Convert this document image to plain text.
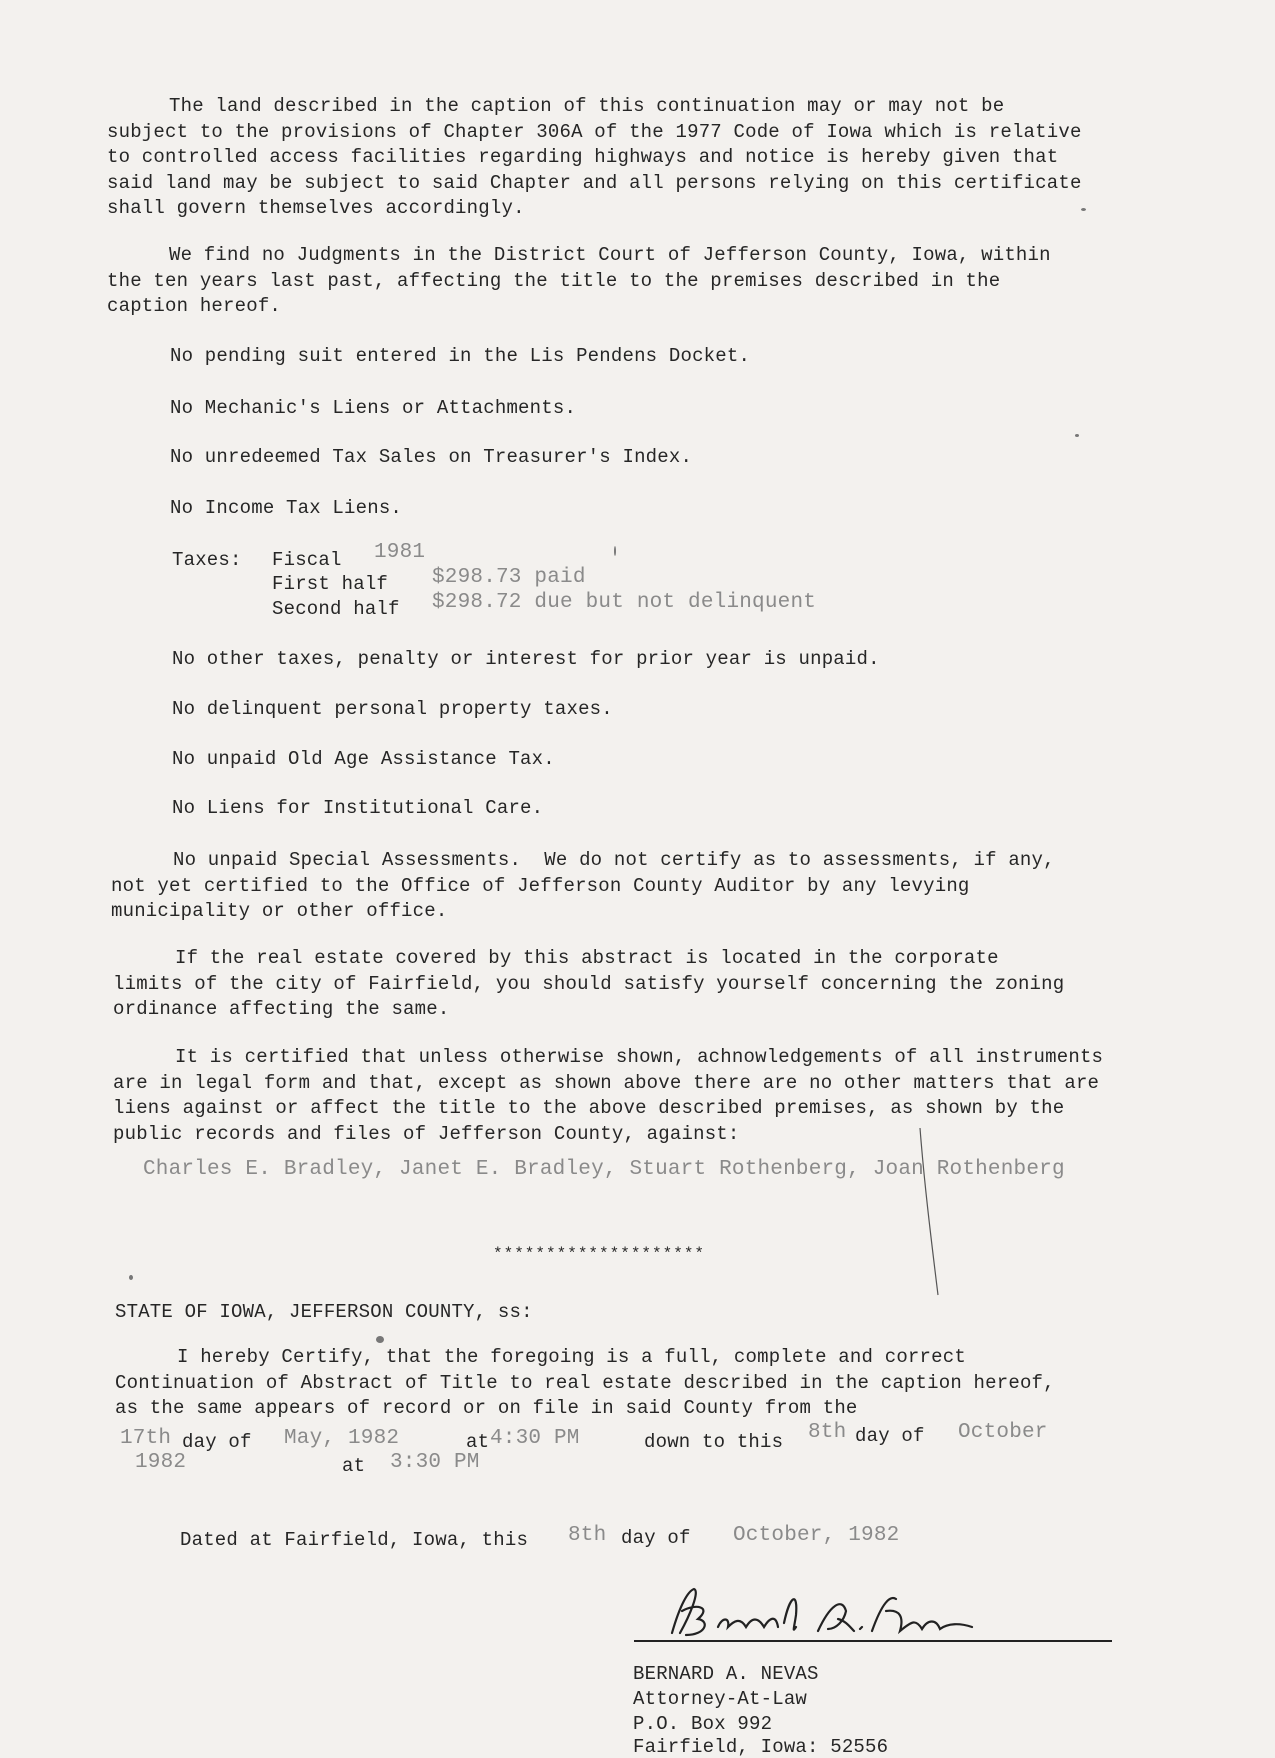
The land described in the caption of this continuation may or may not be subject to the provisions of Chapter 306A of the 1977 Code of Iowa which is relative to controlled access facilities regarding highways and notice is hereby given that said land may be subject to said Chapter and all persons relying on this certificate shall govern themselves accordingly.

We find no Judgments in the District Court of Jefferson County, Iowa, within the ten years last past, affecting the title to the premises described in the caption hereof.

No pending suit entered in the Lis Pendens Docket.
No Mechanic's Liens or Attachments.
No unredeemed Tax Sales on Treasurer's Index.
No Income Tax Liens.
Taxes: Fiscal 1981
First half $298.73 paid
Second half $298.72 due but not delinquent
No other taxes, penalty or interest for prior year is unpaid.
No delinquent personal property taxes.
No unpaid Old Age Assistance Tax.
No Liens for Institutional Care.

No unpaid Special Assessments.  We do not certify as to assessments, if any, not yet certified to the Office of Jefferson County Auditor by any levying municipality or other office.

If the real estate covered by this abstract is located in the corporate limits of the city of Fairfield, you should satisfy yourself concerning the zoning ordinance affecting the same.

It is certified that unless otherwise shown, achnowledgements of all instruments are in legal form and that, except as shown above there are no other matters that are liens against or affect the title to the above described premises, as shown by the public records and files of Jefferson County, against:

Charles E. Bradley, Janet E. Bradley, Stuart Rothenberg, Joan Rothenberg

********************
STATE OF IOWA, JEFFERSON COUNTY, ss:

I hereby Certify, that the foregoing is a full, complete and correct Continuation of Abstract of Title to real estate described in the caption hereof, as the same appears of record or on file in said County from the

17th day of May, 1982	at 4:30 PM	down to this 8th day of October
1982	at 3:30 PM
Dated at Fairfield, Iowa, this 8th day of October, 1982
BERNARD A. NEVAS
Attorney-At-Law
P.O. Box 992
Fairfield, Iowa: 52556
